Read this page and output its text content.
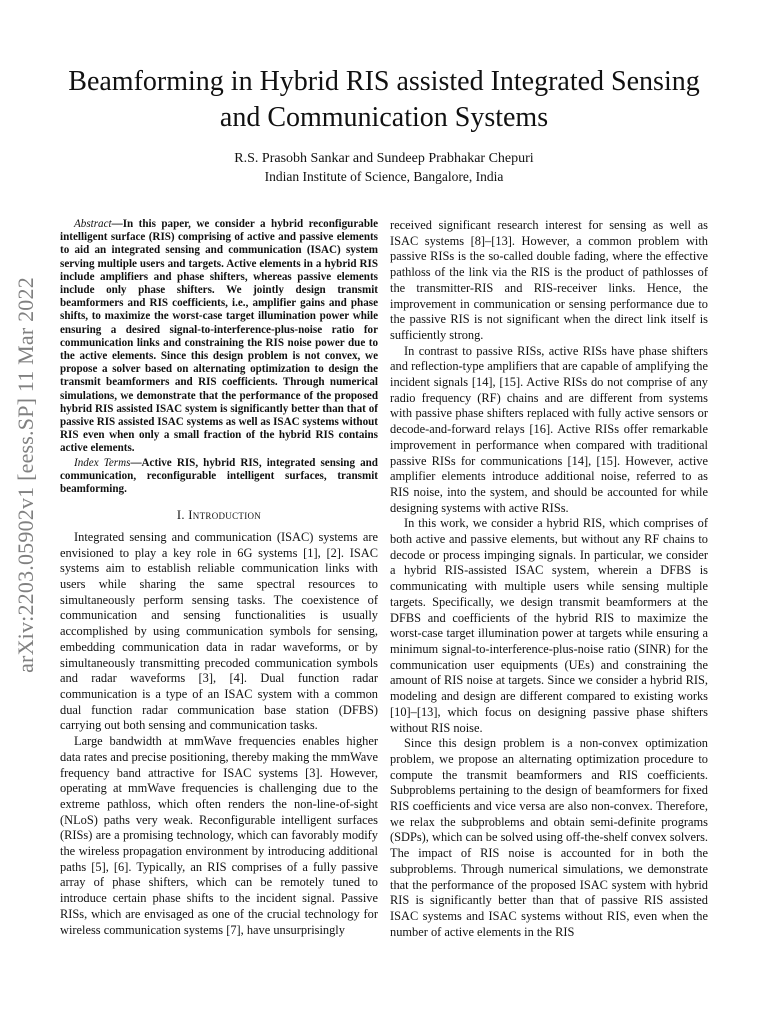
arXiv:2203.05902v1 [eess.SP] 11 Mar 2022
Beamforming in Hybrid RIS assisted Integrated Sensing and Communication Systems
R.S. Prasobh Sankar and Sundeep Prabhakar Chepuri
Indian Institute of Science, Bangalore, India

Abstract—In this paper, we consider a hybrid reconfigurable intelligent surface (RIS) comprising of active and passive elements to aid an integrated sensing and communication (ISAC) system serving multiple users and targets. Active elements in a hybrid RIS include amplifiers and phase shifters, whereas passive elements include only phase shifters. We jointly design transmit beamformers and RIS coefficients, i.e., amplifier gains and phase shifts, to maximize the worst-case target illumination power while ensuring a desired signal-to-interference-plus-noise ratio for communication links and constraining the RIS noise power due to the active elements. Since this design problem is not convex, we propose a solver based on alternating optimization to design the transmit beamformers and RIS coefficients. Through numerical simulations, we demonstrate that the performance of the proposed hybrid RIS assisted ISAC system is significantly better than that of passive RIS assisted ISAC systems as well as ISAC systems without RIS even when only a small fraction of the hybrid RIS contains active elements.

Index Terms—Active RIS, hybrid RIS, integrated sensing and communication, reconfigurable intelligent surfaces, transmit beamforming.

I. Introduction

Integrated sensing and communication (ISAC) systems are envisioned to play a key role in 6G systems [1], [2]. ISAC systems aim to establish reliable communication links with users while sharing the same spectral resources to simultaneously perform sensing tasks. The coexistence of communication and sensing functionalities is usually accomplished by using communication symbols for sensing, embedding communication data in radar waveforms, or by simultaneously transmitting precoded communication symbols and radar waveforms [3], [4]. Dual function radar communication is a type of an ISAC system with a common dual function radar communication base station (DFBS) carrying out both sensing and communication tasks.

Large bandwidth at mmWave frequencies enables higher data rates and precise positioning, thereby making the mmWave frequency band attractive for ISAC systems [3]. However, operating at mmWave frequencies is challenging due to the extreme pathloss, which often renders the non-line-of-sight (NLoS) paths very weak. Reconfigurable intelligent surfaces (RISs) are a promising technology, which can favorably modify the wireless propagation environment by introducing additional paths [5], [6]. Typically, an RIS comprises of a fully passive array of phase shifters, which can be remotely tuned to introduce certain phase shifts to the incident signal. Passive RISs, which are envisaged as one of the crucial technology for wireless communication systems [7], have unsurprisingly

received significant research interest for sensing as well as ISAC systems [8]–[13]. However, a common problem with passive RISs is the so-called double fading, where the effective pathloss of the link via the RIS is the product of pathlosses of the transmitter-RIS and RIS-receiver links. Hence, the improvement in communication or sensing performance due to the passive RIS is not significant when the direct link itself is sufficiently strong.

In contrast to passive RISs, active RISs have phase shifters and reflection-type amplifiers that are capable of amplifying the incident signals [14], [15]. Active RISs do not comprise of any radio frequency (RF) chains and are different from systems with passive phase shifters replaced with fully active sensors or decode-and-forward relays [16]. Active RISs offer remarkable improvement in performance when compared with traditional passive RISs for communications [14], [15]. However, active amplifier elements introduce additional noise, referred to as RIS noise, into the system, and should be accounted for while designing systems with active RISs.

In this work, we consider a hybrid RIS, which comprises of both active and passive elements, but without any RF chains to decode or process impinging signals. In particular, we consider a hybrid RIS-assisted ISAC system, wherein a DFBS is communicating with multiple users while sensing multiple targets. Specifically, we design transmit beamformers at the DFBS and coefficients of the hybrid RIS to maximize the worst-case target illumination power at targets while ensuring a minimum signal-to-interference-plus-noise ratio (SINR) for the communication user equipments (UEs) and constraining the amount of RIS noise at targets. Since we consider a hybrid RIS, modeling and design are different compared to existing works [10]–[13], which focus on designing passive phase shifters without RIS noise.

Since this design problem is a non-convex optimization problem, we propose an alternating optimization procedure to compute the transmit beamformers and RIS coefficients. Subproblems pertaining to the design of beamformers for fixed RIS coefficients and vice versa are also non-convex. Therefore, we relax the subproblems and obtain semi-definite programs (SDPs), which can be solved using off-the-shelf convex solvers. The impact of RIS noise is accounted for in both the subproblems. Through numerical simulations, we demonstrate that the performance of the proposed ISAC system with hybrid RIS is significantly better than that of passive RIS assisted ISAC systems and ISAC systems without RIS, even when the number of active elements in the RIS
